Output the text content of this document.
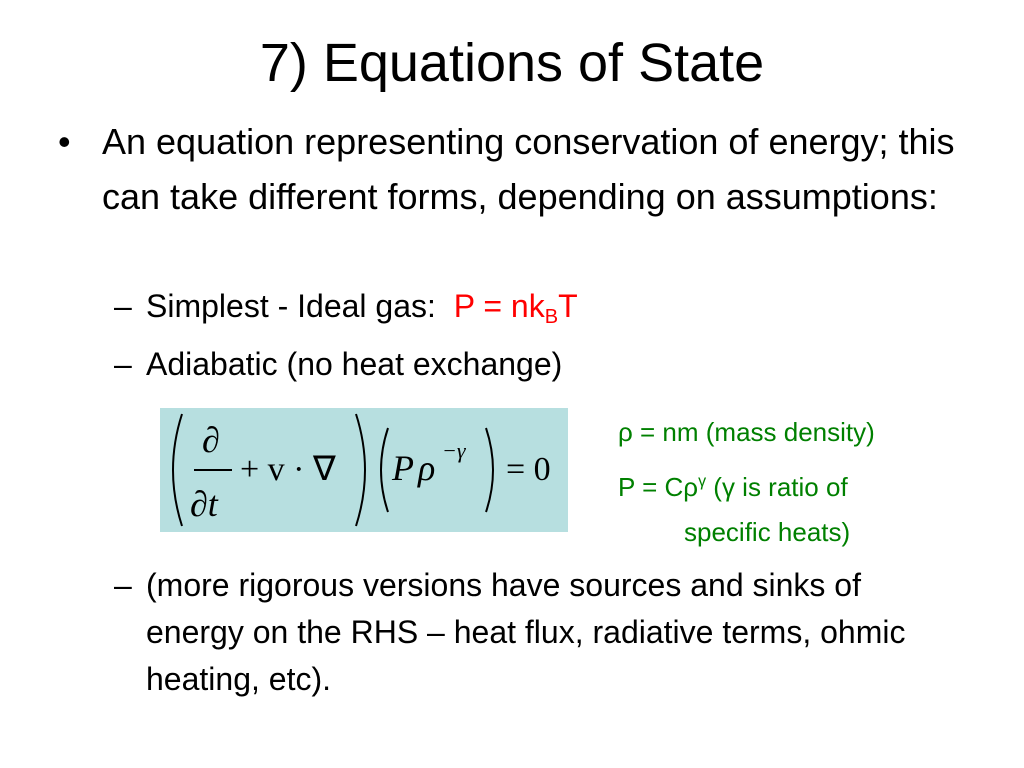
7) Equations of State
• An equation representing conservation of energy; this can take different forms, depending on assumptions:
– Simplest - Ideal gas: $P = nk_BT$
– Adiabatic (no heat exchange)
∂
∂t
+ v · ∇ P ρ −γ
= 0
ρ = nm (mass density)
$P = C\rho^\gamma$ (γ is ratio of
specific heats)
– (more rigorous versions have sources and sinks of energy on the RHS – heat flux, radiative terms, ohmic heating, etc).
